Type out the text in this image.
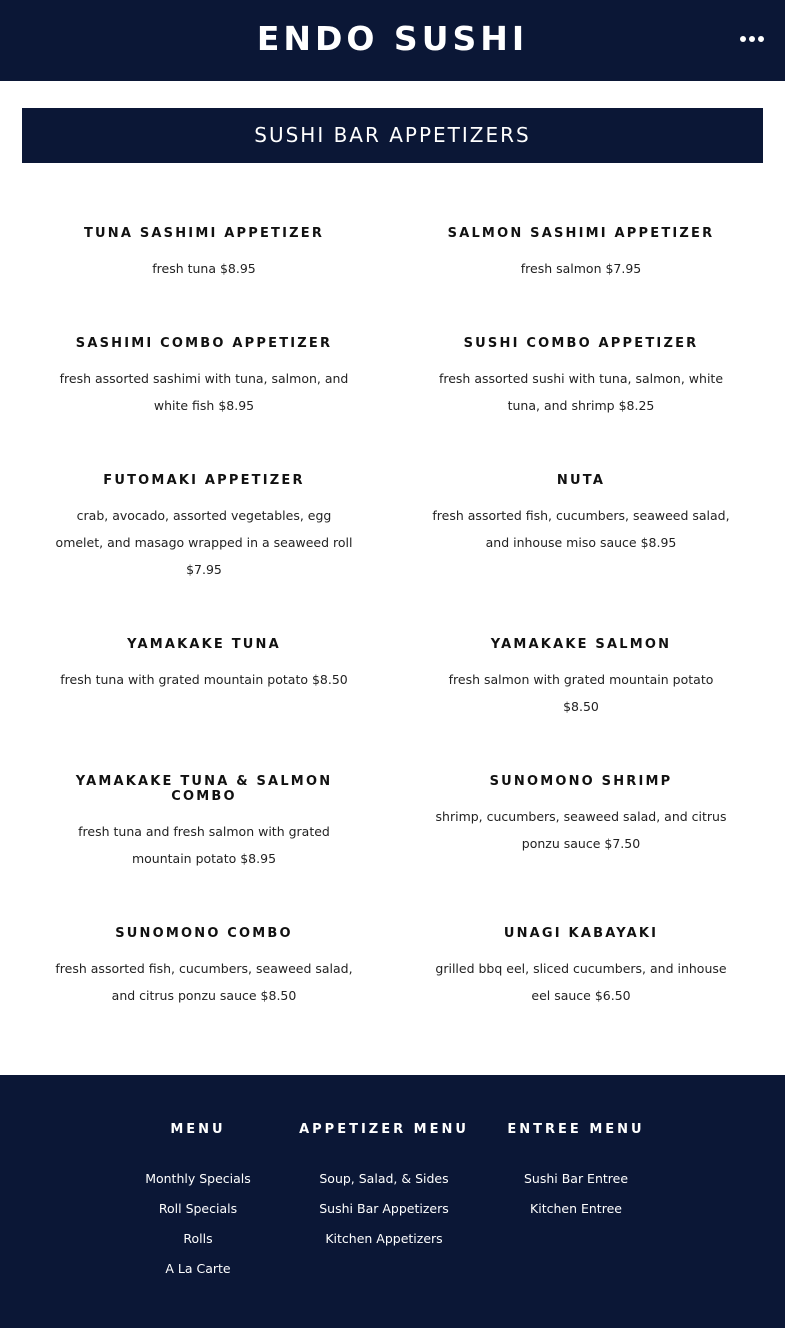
ENDO SUSHI
SUSHI BAR APPETIZERS
TUNA SASHIMI APPETIZER
fresh tuna $8.95
SALMON SASHIMI APPETIZER
fresh salmon $7.95
SASHIMI COMBO APPETIZER
fresh assorted sashimi with tuna, salmon, and white fish $8.95
SUSHI COMBO APPETIZER
fresh assorted sushi with tuna, salmon, white tuna, and shrimp $8.25
FUTOMAKI APPETIZER
crab, avocado, assorted vegetables, egg omelet, and masago wrapped in a seaweed roll $7.95
NUTA
fresh assorted fish, cucumbers, seaweed salad, and inhouse miso sauce $8.95
YAMAKAKE TUNA
fresh tuna with grated mountain potato $8.50
YAMAKAKE SALMON
fresh salmon with grated mountain potato $8.50
YAMAKAKE TUNA & SALMON COMBO
fresh tuna and fresh salmon with grated mountain potato $8.95
SUNOMONO SHRIMP
shrimp, cucumbers, seaweed salad, and citrus ponzu sauce $7.50
SUNOMONO COMBO
fresh assorted fish, cucumbers, seaweed salad, and citrus ponzu sauce $8.50
UNAGI KABAYAKI
grilled bbq eel, sliced cucumbers, and inhouse eel sauce $6.50
MENU
Monthly Specials
Roll Specials
Rolls
A La Carte
APPETIZER MENU
Soup, Salad, & Sides
Sushi Bar Appetizers
Kitchen Appetizers
ENTREE MENU
Sushi Bar Entree
Kitchen Entree
